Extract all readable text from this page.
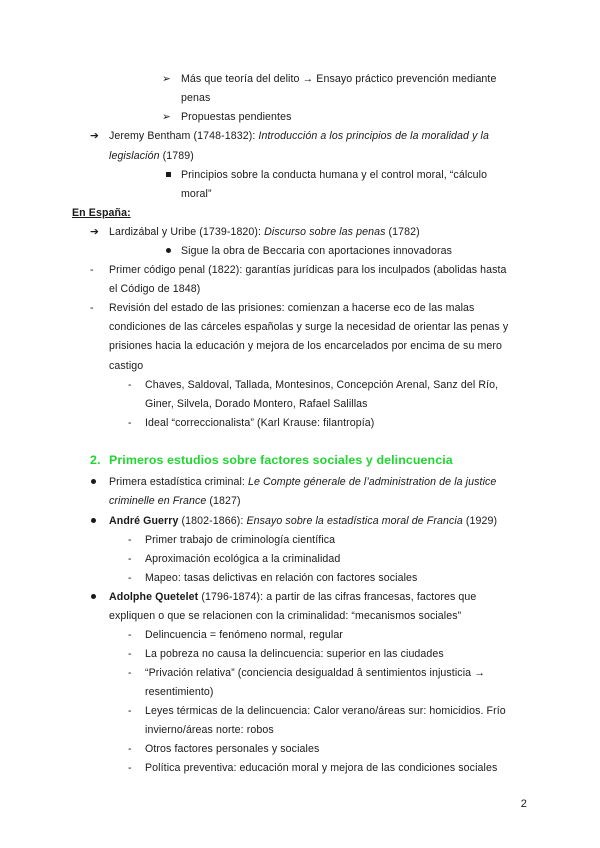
➢ Más que teoría del delito → Ensayo práctico prevención mediante
penas
➢ Propuestas pendientes
➔ Jeremy Bentham (1748-1832): Introducción a los principios de la moralidad y la
legislación (1789)
Principios sobre la conducta humana y el control moral, “cálculo
moral”
En España:
➔ Lardizábal y Uribe (1739-1820): Discurso sobre las penas (1782)
Sigue la obra de Beccaria con aportaciones innovadoras
- Primer código penal (1822): garantías jurídicas para los inculpados (abolidas hasta
el Código de 1848)
- Revisión del estado de las prisiones: comienzan a hacerse eco de las malas
condiciones de las cárceles españolas y surge la necesidad de orientar las penas y
prisiones hacia la educación y mejora de los encarcelados por encima de su mero
castigo
- Chaves, Saldoval, Tallada, Montesinos, Concepción Arenal, Sanz del Río,
Giner, Silvela, Dorado Montero, Rafael Salillas
- Ideal “correccionalista” (Karl Krause: filantropía)
2. Primeros estudios sobre factores sociales y delincuencia
Primera estadística criminal: Le Compte génerale de l’administration de la justice
criminelle en France (1827)
André Guerry (1802-1866): Ensayo sobre la estadística moral de Francia (1929)
- Primer trabajo de criminología científica
- Aproximación ecológica a la criminalidad
- Mapeo: tasas delictivas en relación con factores sociales
Adolphe Quetelet (1796-1874): a partir de las cifras francesas, factores que
expliquen o que se relacionen con la criminalidad: “mecanismos sociales”
- Delincuencia = fenómeno normal, regular
- La pobreza no causa la delincuencia: superior en las ciudades
- “Privación relativa” (conciencia desigualdad â sentimientos injusticia →
resentimiento)
- Leyes térmicas de la delincuencia: Calor verano/áreas sur: homicidios. Frío
invierno/áreas norte: robos
- Otros factores personales y sociales
- Política preventiva: educación moral y mejora de las condiciones sociales
2
